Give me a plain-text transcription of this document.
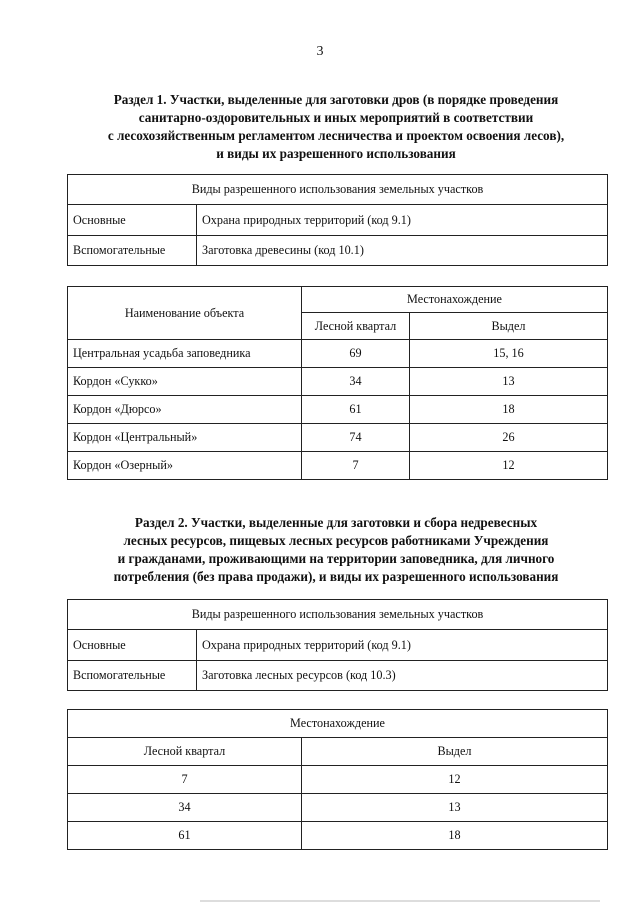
3
Раздел 1. Участки, выделенные для заготовки дров (в порядке проведения
санитарно-оздоровительных и иных мероприятий в соответствии
с лесохозяйственным регламентом лесничества и проектом освоения лесов),
и виды их разрешенного использования
Виды разрешенного использования земельных участков	
Основные	Охрана природных территорий (код 9.1)
Вспомогательные	Заготовка древесины (код 10.1)
Наименование объекта	Местонахождение	
	Лесной квартал	Выдел
Центральная усадьба заповедника	69	15, 16
Кордон «Сукко»	34	13
Кордон «Дюрсо»	61	18
Кордон «Центральный»	74	26
Кордон «Озерный»	7	12
Раздел 2. Участки, выделенные для заготовки и сбора недревесных
лесных ресурсов, пищевых лесных ресурсов работниками Учреждения
и гражданами, проживающими на территории заповедника, для личного
потребления (без права продажи), и виды их разрешенного использования
Виды разрешенного использования земельных участков	
Основные	Охрана природных территорий (код 9.1)
Вспомогательные	Заготовка лесных ресурсов (код 10.3)
Местонахождение	
Лесной квартал	Выдел
7	12
34	13
61	18
